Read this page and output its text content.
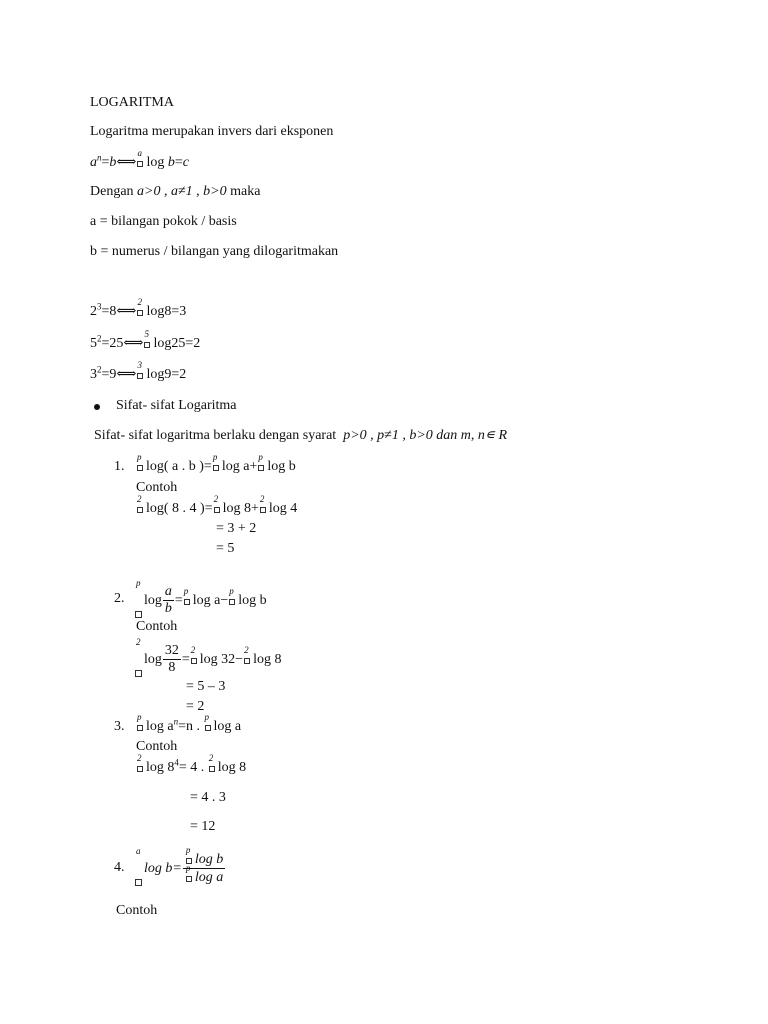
LOGARITMA
Logaritma merupakan invers dari eksponen
$a^n=b⟺$
a
log b=c
Dengan a>0 , a≠1 , b>0 maka
a = bilangan pokok / basis
b = numerus / bilangan yang dilogaritmakan
$2^3=8⟺$
2
log8=3
$5^2=25⟺$
5
log25=2
$3^2=9⟺$
3
log9=2
Sifat- sifat Logaritma
Sifat- sifat logaritma berlaku dengan syarat p>0 , p≠1 , b>0 dan m, n∊ R
1.
p
log( a . b )=
p
log a+
p
log b
Contoh
2
log( 8 . 4 )=
2
log 8+
2
log 4
= 3 + 2
= 5
2.
p
$\log \frac{a}{b}$ =
p
log a−
p
log b
Contoh
2
$\log \frac{32}{8}$ =
2
log 32−
2
log 8
= 5 – 3
= 2
3.
p
$\log a^n=n$ .
p
log a
Contoh
2
$\log 8^4= 4$ .
2
log 8
= 4 . 3
= 12
4.
a
log b= p
log b
p
log a
Contoh
